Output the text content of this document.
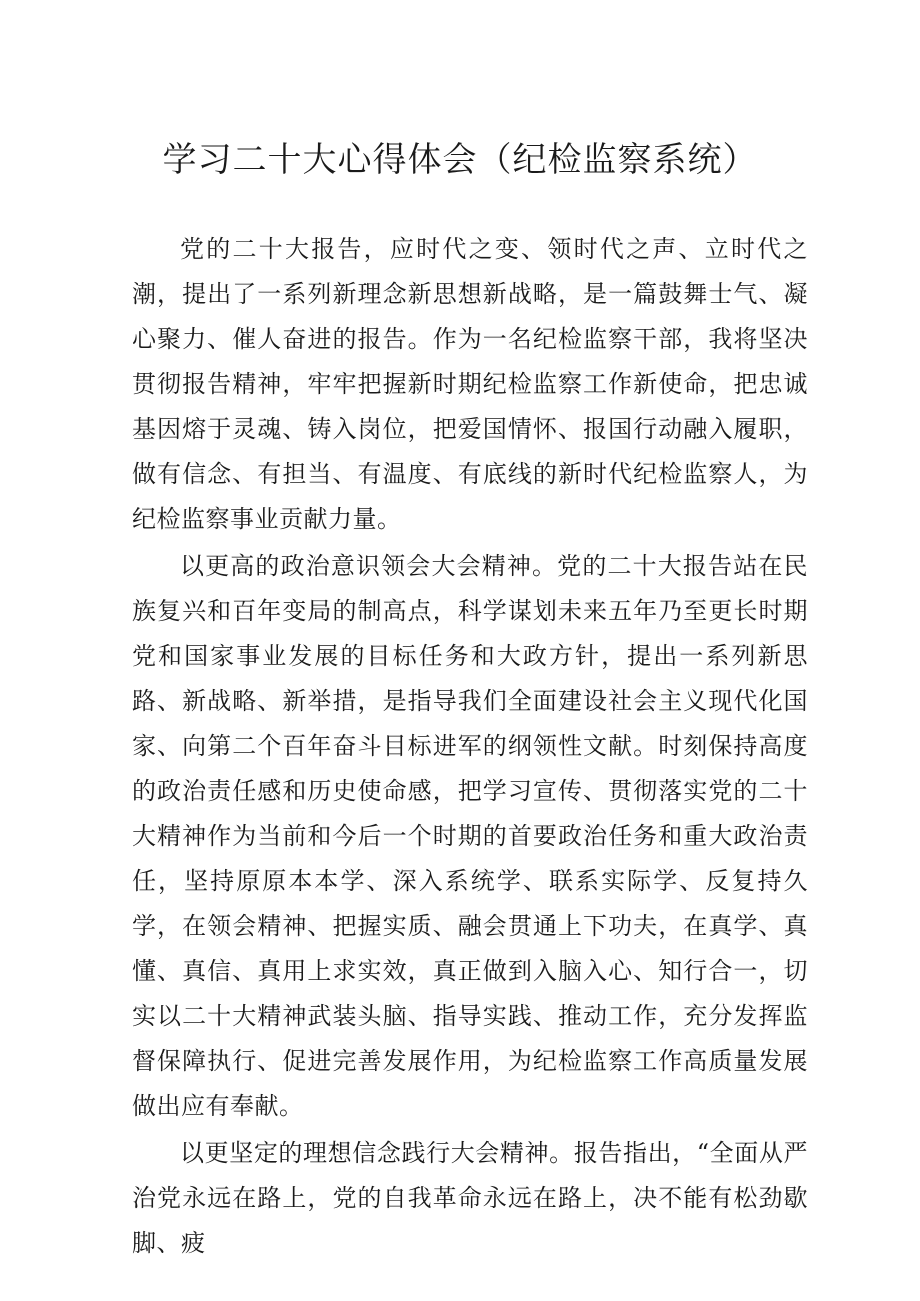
学习二十大心得体会（纪检监察系统）

党的二十大报告，应时代之变、领时代之声、立时代之潮，提出了一系列新理念新思想新战略，是一篇鼓舞士气、凝心聚力、催人奋进的报告。作为一名纪检监察干部，我将坚决贯彻报告精神，牢牢把握新时期纪检监察工作新使命，把忠诚基因熔于灵魂、铸入岗位，把爱国情怀、报国行动融入履职，做有信念、有担当、有温度、有底线的新时代纪检监察人，为纪检监察事业贡献力量。

以更高的政治意识领会大会精神。党的二十大报告站在民族复兴和百年变局的制高点，科学谋划未来五年乃至更长时期党和国家事业发展的目标任务和大政方针，提出一系列新思路、新战略、新举措，是指导我们全面建设社会主义现代化国家、向第二个百年奋斗目标进军的纲领性文献。时刻保持高度的政治责任感和历史使命感，把学习宣传、贯彻落实党的二十大精神作为当前和今后一个时期的首要政治任务和重大政治责任，坚持原原本本学、深入系统学、联系实际学、反复持久学，在领会精神、把握实质、融会贯通上下功夫，在真学、真懂、真信、真用上求实效，真正做到入脑入心、知行合一，切实以二十大精神武装头脑、指导实践、推动工作，充分发挥监督保障执行、促进完善发展作用，为纪检监察工作高质量发展做出应有奉献。

以更坚定的理想信念践行大会精神。报告指出，“全面从严治党永远在路上，党的自我革命永远在路上，决不能有松劲歇脚、疲
